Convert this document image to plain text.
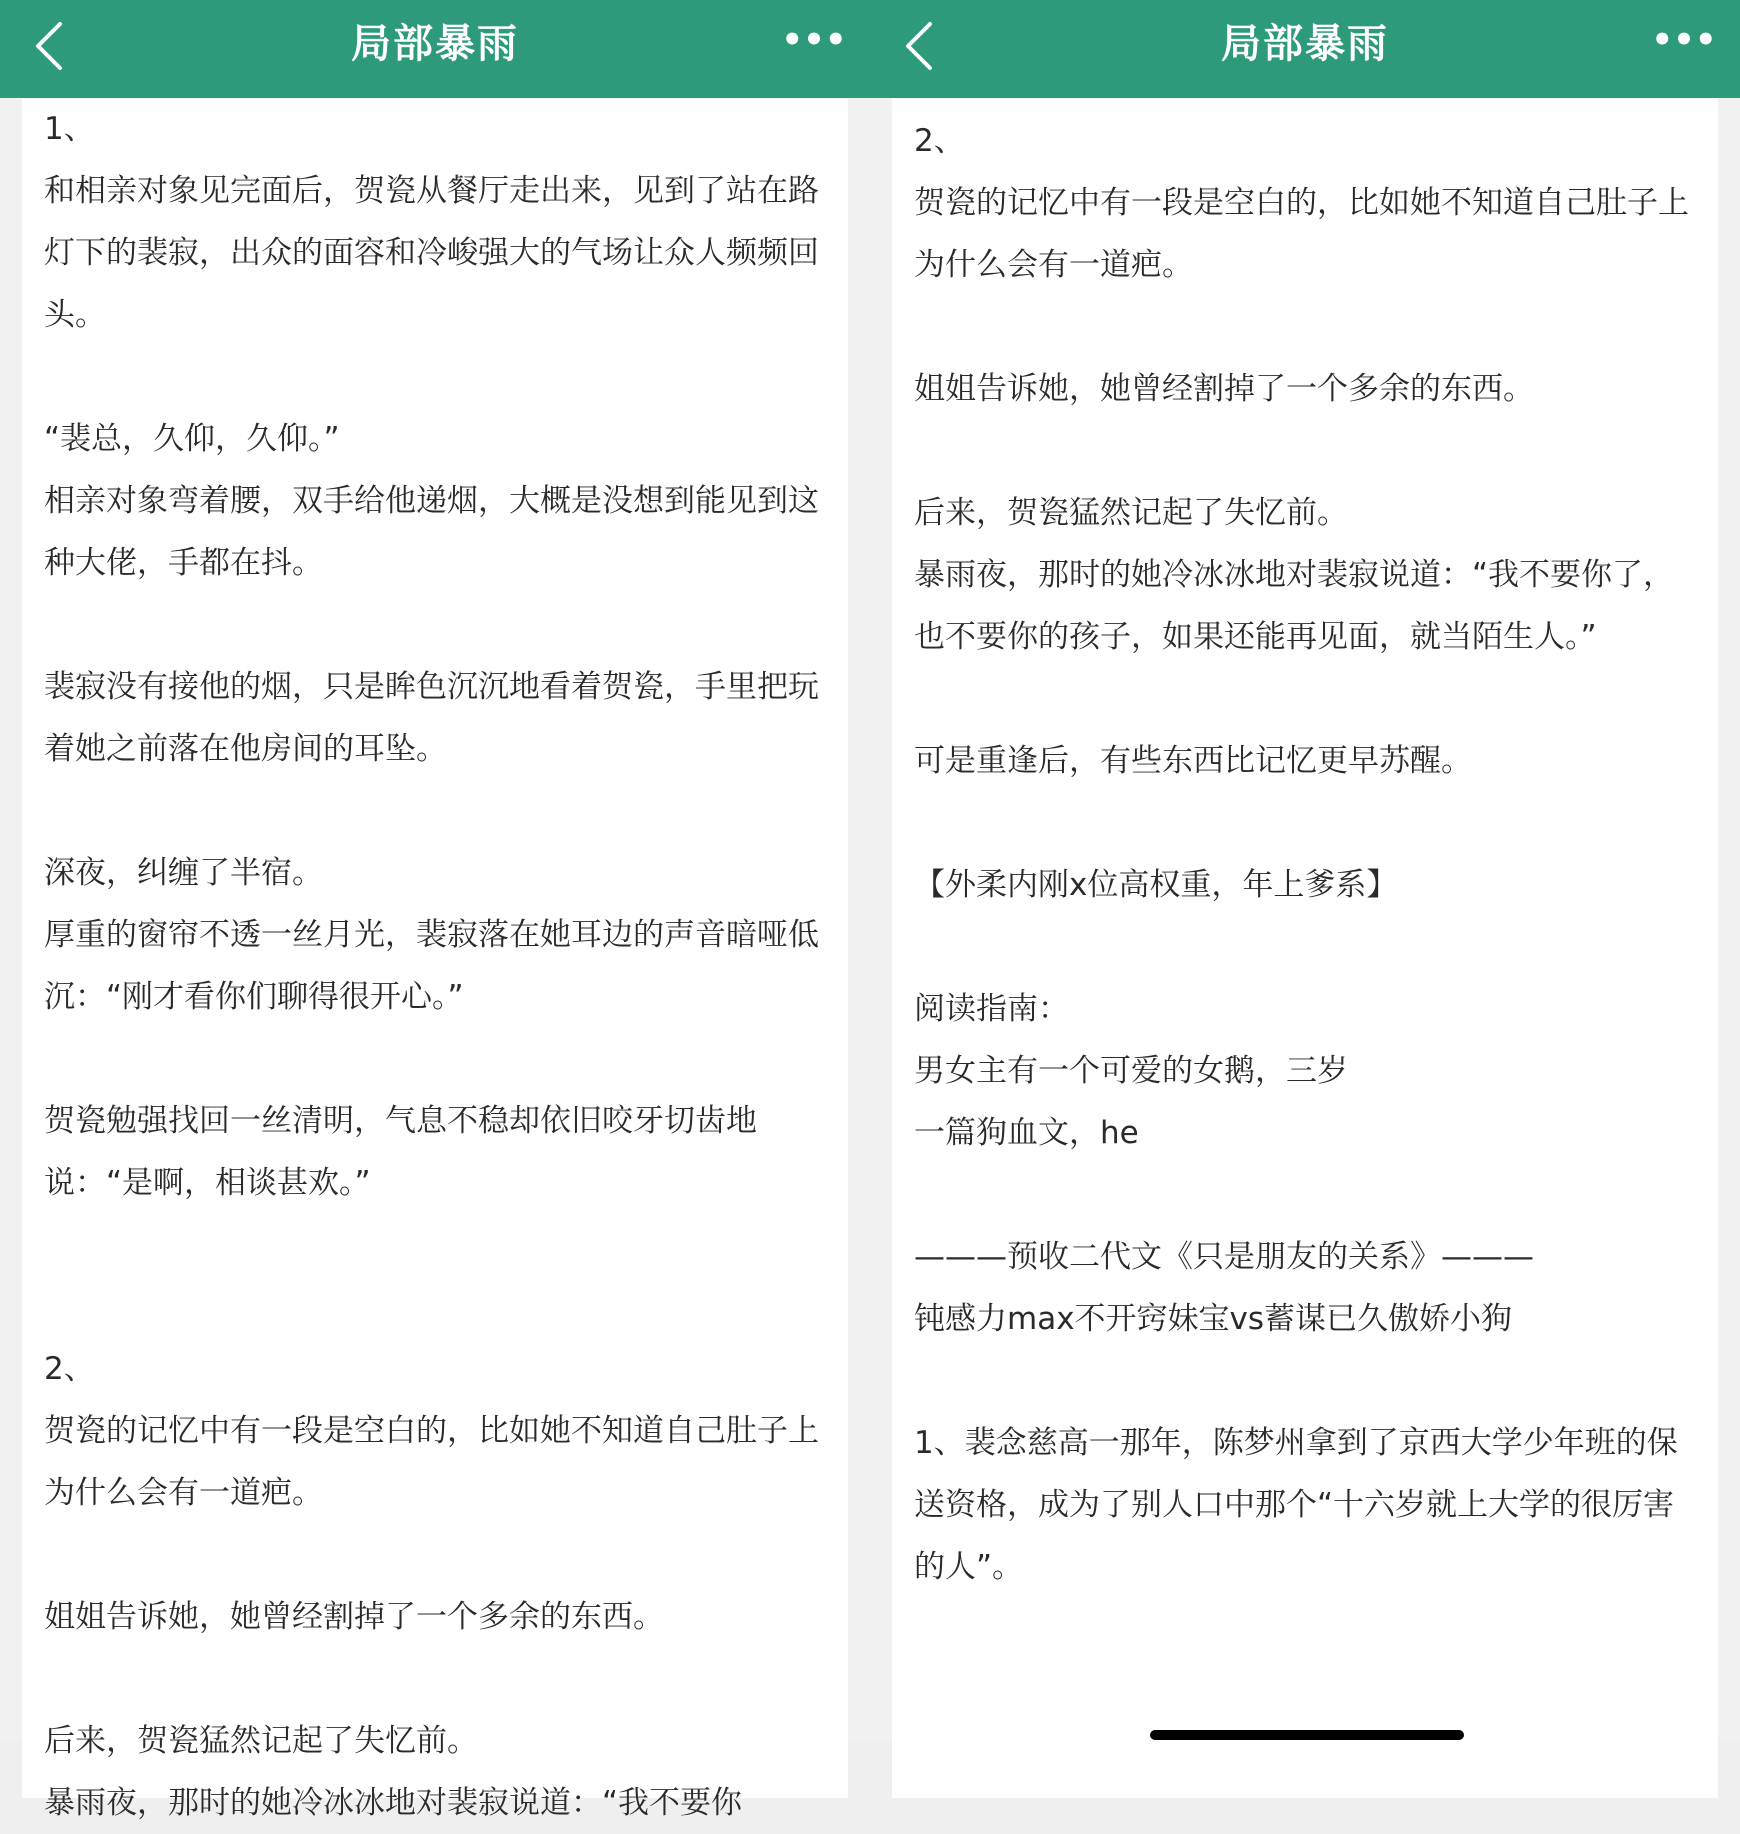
局部暴雨	•••

1、

和相亲对象见完面后，贺瓷从餐厅走出来，见到了站在路灯下的裴寂，出众的面容和冷峻强大的气场让众人频频回头。

“裴总，久仰，久仰。”

相亲对象弯着腰，双手给他递烟，大概是没想到能见到这种大佬，手都在抖。

裴寂没有接他的烟，只是眸色沉沉地看着贺瓷，手里把玩着她之前落在他房间的耳坠。

深夜，纠缠了半宿。

厚重的窗帘不透一丝月光，裴寂落在她耳边的声音暗哑低沉：“刚才看你们聊得很开心。”

贺瓷勉强找回一丝清明，气息不稳却依旧咬牙切齿地说：“是啊，相谈甚欢。”

2、

贺瓷的记忆中有一段是空白的，比如她不知道自己肚子上为什么会有一道疤。

姐姐告诉她，她曾经割掉了一个多余的东西。

后来，贺瓷猛然记起了失忆前。

暴雨夜，那时的她冷冰冰地对裴寂说道：“我不要你

局部暴雨	•••

2、

贺瓷的记忆中有一段是空白的，比如她不知道自己肚子上为什么会有一道疤。

姐姐告诉她，她曾经割掉了一个多余的东西。

后来，贺瓷猛然记起了失忆前。

暴雨夜，那时的她冷冰冰地对裴寂说道：“我不要你了，也不要你的孩子，如果还能再见面，就当陌生人。”

可是重逢后，有些东西比记忆更早苏醒。

【外柔内刚x位高权重，年上爹系】

阅读指南：

男女主有一个可爱的女鹅，三岁

一篇狗血文，he

———预收二代文《只是朋友的关系》———

钝感力max不开窍妹宝vs蓄谋已久傲娇小狗

1、裴念慈高一那年，陈梦州拿到了京西大学少年班的保送资格，成为了别人口中那个“十六岁就上大学的很厉害的人”。
